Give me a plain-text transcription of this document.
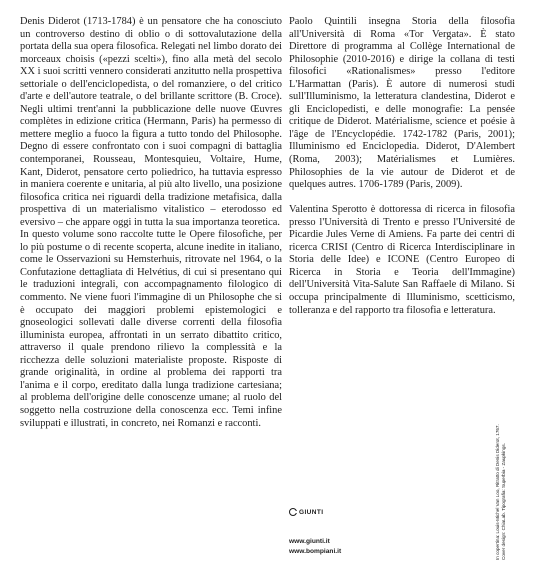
Denis Diderot (1713-1784) è un pensatore che ha conosciuto un controverso destino di oblio o di sottovalutazione della portata della sua opera filosofica. Relegati nel limbo dorato dei morceaux choisis («pezzi scelti»), fino alla metà del secolo XX i suoi scritti vennero considerati anzitutto nella prospettiva settoriale o dell'enciclopedista, o del romanziere, o del critico d'arte e dell'autore teatrale, o del brillante scrittore (B. Croce). Negli ultimi trent'anni la pubblicazione delle nuove Œuvres complètes in edizione critica (Hermann, Paris) ha permesso di mettere meglio a fuoco la figura a tutto tondo del Philosophe. Degno di essere confrontato con i suoi compagni di battaglia contemporanei, Rousseau, Montesquieu, Voltaire, Hume, Kant, Diderot, pensatore certo poliedrico, ha tuttavia espresso in maniera coerente e unitaria, al più alto livello, una posizione filosofica critica nei riguardi della tradizione metafisica, dalla prospettiva di un materialismo vitalistico – eterodosso ed eversivo – che appare oggi in tutta la sua importanza teoretica.

In questo volume sono raccolte tutte le Opere filosofiche, per lo più postume o di recente scoperta, alcune inedite in italiano, come le Osservazioni su Hemsterhuis, ritrovate nel 1964, o la Confutazione dettagliata di Helvétius, di cui si presentano qui le traduzioni integrali, con accompagnamento filologico di commento. Ne viene fuori l'immagine di un Philosophe che si è occupato dei maggiori problemi epistemologici e gnoseologici sollevati dalle diverse correnti della filosofia illuminista europea, affrontati in un serrato dibattito critico, attraverso il quale prendono rilievo la complessità e la ricchezza delle soluzioni materialiste proposte. Risposte di grande originalità, in ordine al problema dei rapporti tra l'anima e il corpo, ereditato dalla lunga tradizione cartesiana; al problema dell'origine delle conoscenze umane; al ruolo del soggetto nella costruzione della conoscenza ecc. Temi infine sviluppati e illustrati, in concreto, nei Romanzi e racconti.

Paolo Quintili insegna Storia della filosofia all'Università di Roma «Tor Vergata». È stato Direttore di programma al Collège International de Philosophie (2010-2016) e dirige la collana di testi filosofici «Rationalismes» presso l'editore L'Harmattan (Paris). È autore di numerosi studi sull'Illuminismo, la letteratura clandestina, Diderot e gli Enciclopedisti, e delle monografie: La pensée critique de Diderot. Matérialisme, science et poésie à l'âge de l'Encyclopédie. 1742-1782 (Paris, 2001); Illuminismo ed Enciclopedia. Diderot, D'Alembert (Roma, 2003); Matérialismes et Lumières. Philosophies de la vie autour de Diderot et de quelques autres. 1706-1789 (Paris, 2009).

Valentina Sperotto è dottoressa di ricerca in filosofia presso l'Università di Trento e presso l'Université de Picardie Jules Verne di Amiens. Fa parte dei centri di ricerca CRISI (Centro di Ricerca Interdisciplinare in Storia delle Idee) e ICONE (Centro Europeo di Ricerca in Storia e Teoria dell'Immagine) dell'Università Vita-Salute San Raffaele di Milano. Si occupa principalmente di Illuminismo, scetticismo, tolleranza e del rapporto tra filosofia e letteratura.

GIUNTI
www.giunti.it
www.bompiani.it	In copertina: Louis-Michel Van Loo, Ritratto di Denis Diderot, 1767. Cover design: ChiaLab. Tipografia: Superbia - Zaupkings.
